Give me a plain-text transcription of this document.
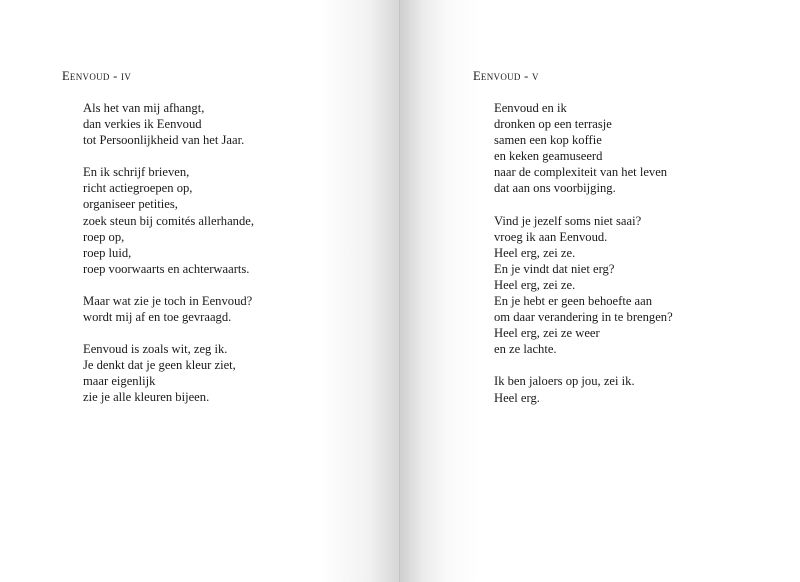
Eenvoud - iv
Als het van mij afhangt,
dan verkies ik Eenvoud
tot Persoonlijkheid van het Jaar.
En ik schrijf brieven,
richt actiegroepen op,
organiseer petities,
zoek steun bij comités allerhande,
roep op,
roep luid,
roep voorwaarts en achterwaarts.
Maar wat zie je toch in Eenvoud?
wordt mij af en toe gevraagd.
Eenvoud is zoals wit, zeg ik.
Je denkt dat je geen kleur ziet,
maar eigenlijk
zie je alle kleuren bijeen.
Eenvoud - v
Eenvoud en ik
dronken op een terrasje
samen een kop koffie
en keken geamuseerd
naar de complexiteit van het leven
dat aan ons voorbijging.
Vind je jezelf soms niet saai?
vroeg ik aan Eenvoud.
Heel erg, zei ze.
En je vindt dat niet erg?
Heel erg, zei ze.
En je hebt er geen behoefte aan
om daar verandering in te brengen?
Heel erg, zei ze weer
en ze lachte.
Ik ben jaloers op jou, zei ik.
Heel erg.
